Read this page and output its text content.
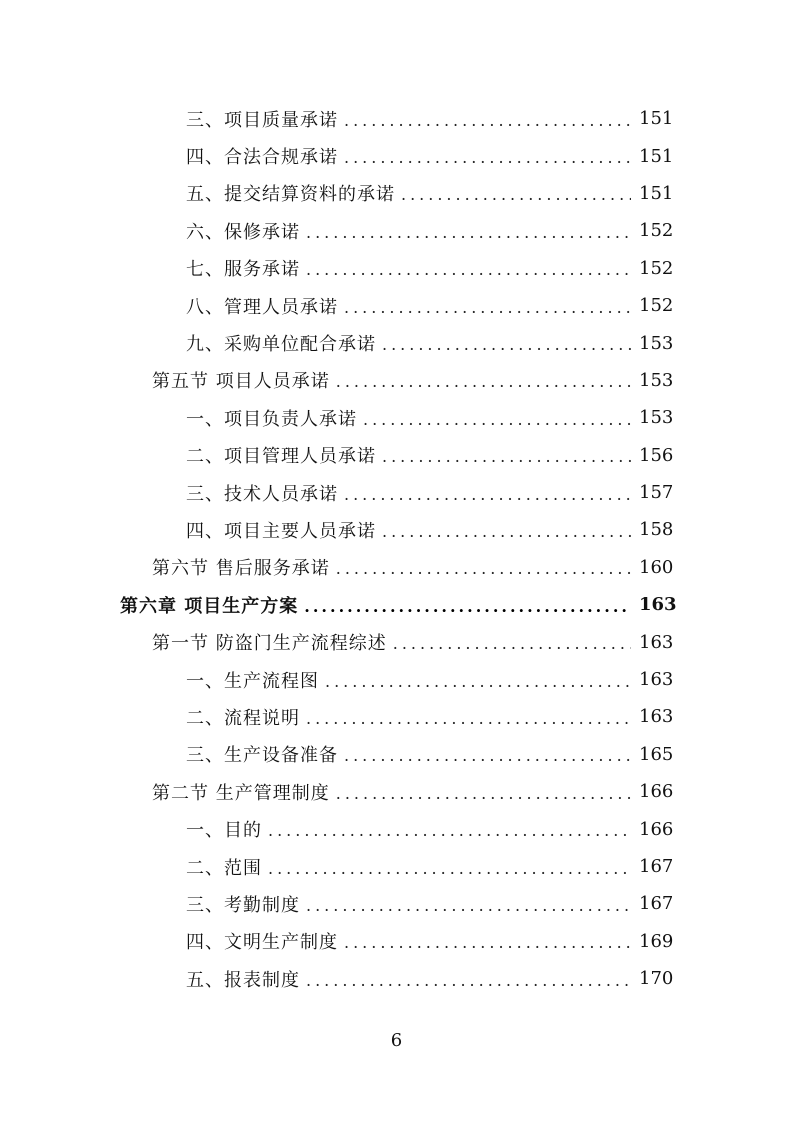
三、项目质量承诺 .....	151
四、合法合规承诺 .....	151
五、提交结算资料的承诺 .....	151
六、保修承诺 .....	152
七、服务承诺 .....	152
八、管理人员承诺 .....	152
九、采购单位配合承诺 .....	153
第五节 项目人员承诺 .....	153
一、项目负责人承诺 .....	153
二、项目管理人员承诺 .....	156
三、技术人员承诺 .....	157
四、项目主要人员承诺 .....	158
第六节 售后服务承诺 .....	160
第六章 项目生产方案 .....	163
第一节 防盗门生产流程综述 .....	163
一、生产流程图 .....	163
二、流程说明 .....	163
三、生产设备准备 .....	165
第二节 生产管理制度 .....	166
一、目的 .....	166
二、范围 .....	167
三、考勤制度 .....	167
四、文明生产制度 .....	169
五、报表制度 .....	170
6
